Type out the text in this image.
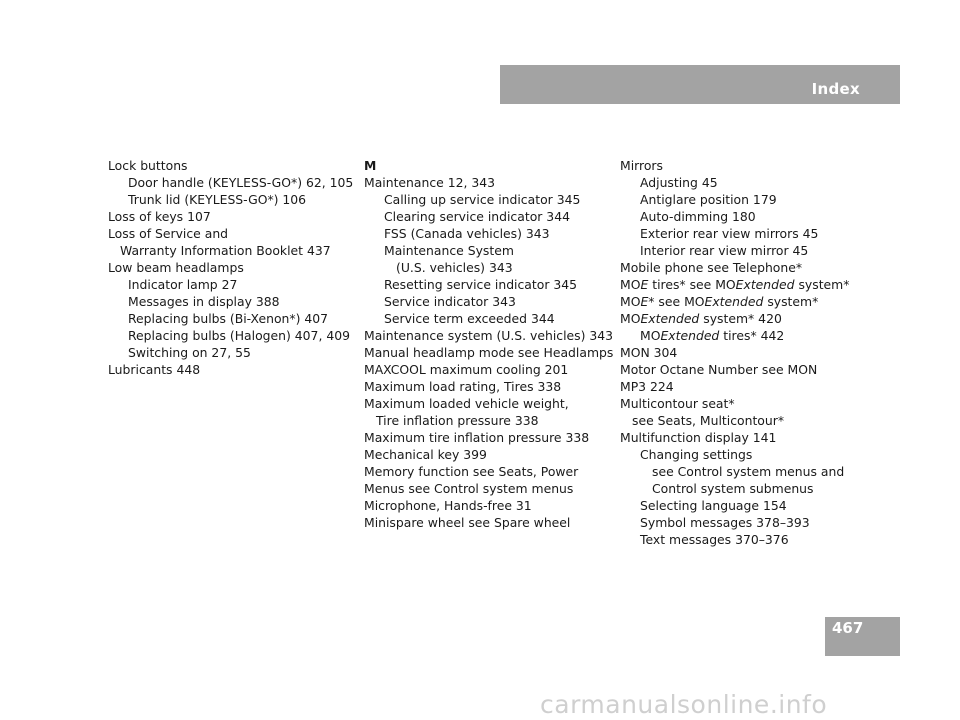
Index
Lock buttons
Door handle (KEYLESS-GO*) 62, 105
Trunk lid (KEYLESS-GO*) 106
Loss of keys 107
Loss of Service and
Warranty Information Booklet 437
Low beam headlamps
Indicator lamp 27
Messages in display 388
Replacing bulbs (Bi-Xenon*) 407
Replacing bulbs (Halogen) 407, 409
Switching on 27, 55
Lubricants 448
M
Maintenance 12, 343
Calling up service indicator 345
Clearing service indicator 344
FSS (Canada vehicles) 343
Maintenance System
(U.S. vehicles) 343
Resetting service indicator 345
Service indicator 343
Service term exceeded 344
Maintenance system (U.S. vehicles) 343
Manual headlamp mode see Headlamps
MAXCOOL maximum cooling 201
Maximum load rating, Tires 338
Maximum loaded vehicle weight,
Tire inflation pressure 338
Maximum tire inflation pressure 338
Mechanical key 399
Memory function see Seats, Power
Menus see Control system menus
Microphone, Hands-free 31
Minispare wheel see Spare wheel
Mirrors
Adjusting 45
Antiglare position 179
Auto-dimming 180
Exterior rear view mirrors 45
Interior rear view mirror 45
Mobile phone see Telephone*
MOE tires* see MOExtended system*
MOE* see MOExtended system*
MOExtended system* 420
MOExtended tires* 442
MON 304
Motor Octane Number see MON
MP3 224
Multicontour seat*
see Seats, Multicontour*
Multifunction display 141
Changing settings
see Control system menus and
Control system submenus
Selecting language 154
Symbol messages 378–393
Text messages 370–376
467
carmanualsonline.info
